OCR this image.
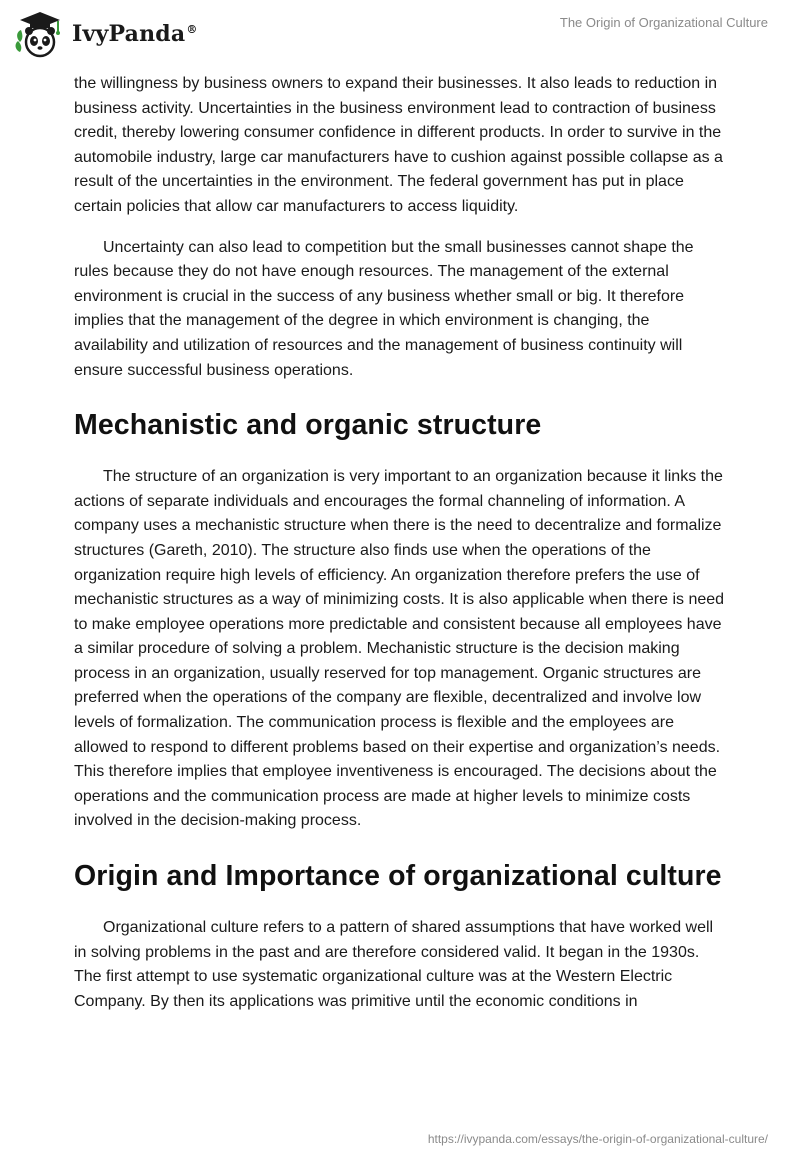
IvyPanda®	The Origin of Organizational Culture

the willingness by business owners to expand their businesses. It also leads to reduction in business activity. Uncertainties in the business environment lead to contraction of business credit, thereby lowering consumer confidence in different products. In order to survive in the automobile industry, large car manufacturers have to cushion against possible collapse as a result of the uncertainties in the environment. The federal government has put in place certain policies that allow car manufacturers to access liquidity.

Uncertainty can also lead to competition but the small businesses cannot shape the rules because they do not have enough resources. The management of the external environment is crucial in the success of any business whether small or big. It therefore implies that the management of the degree in which environment is changing, the availability and utilization of resources and the management of business continuity will ensure successful business operations.

Mechanistic and organic structure

The structure of an organization is very important to an organization because it links the actions of separate individuals and encourages the formal channeling of information. A company uses a mechanistic structure when there is the need to decentralize and formalize structures (Gareth, 2010). The structure also finds use when the operations of the organization require high levels of efficiency. An organization therefore prefers the use of mechanistic structures as a way of minimizing costs. It is also applicable when there is need to make employee operations more predictable and consistent because all employees have a similar procedure of solving a problem. Mechanistic structure is the decision making process in an organization, usually reserved for top management. Organic structures are preferred when the operations of the company are flexible, decentralized and involve low levels of formalization. The communication process is flexible and the employees are allowed to respond to different problems based on their expertise and organization’s needs. This therefore implies that employee inventiveness is encouraged. The decisions about the operations and the communication process are made at higher levels to minimize costs involved in the decision-making process.

Origin and Importance of organizational culture

Organizational culture refers to a pattern of shared assumptions that have worked well in solving problems in the past and are therefore considered valid. It began in the 1930s. The first attempt to use systematic organizational culture was at the Western Electric Company. By then its applications was primitive until the economic conditions in

https://ivypanda.com/essays/the-origin-of-organizational-culture/
